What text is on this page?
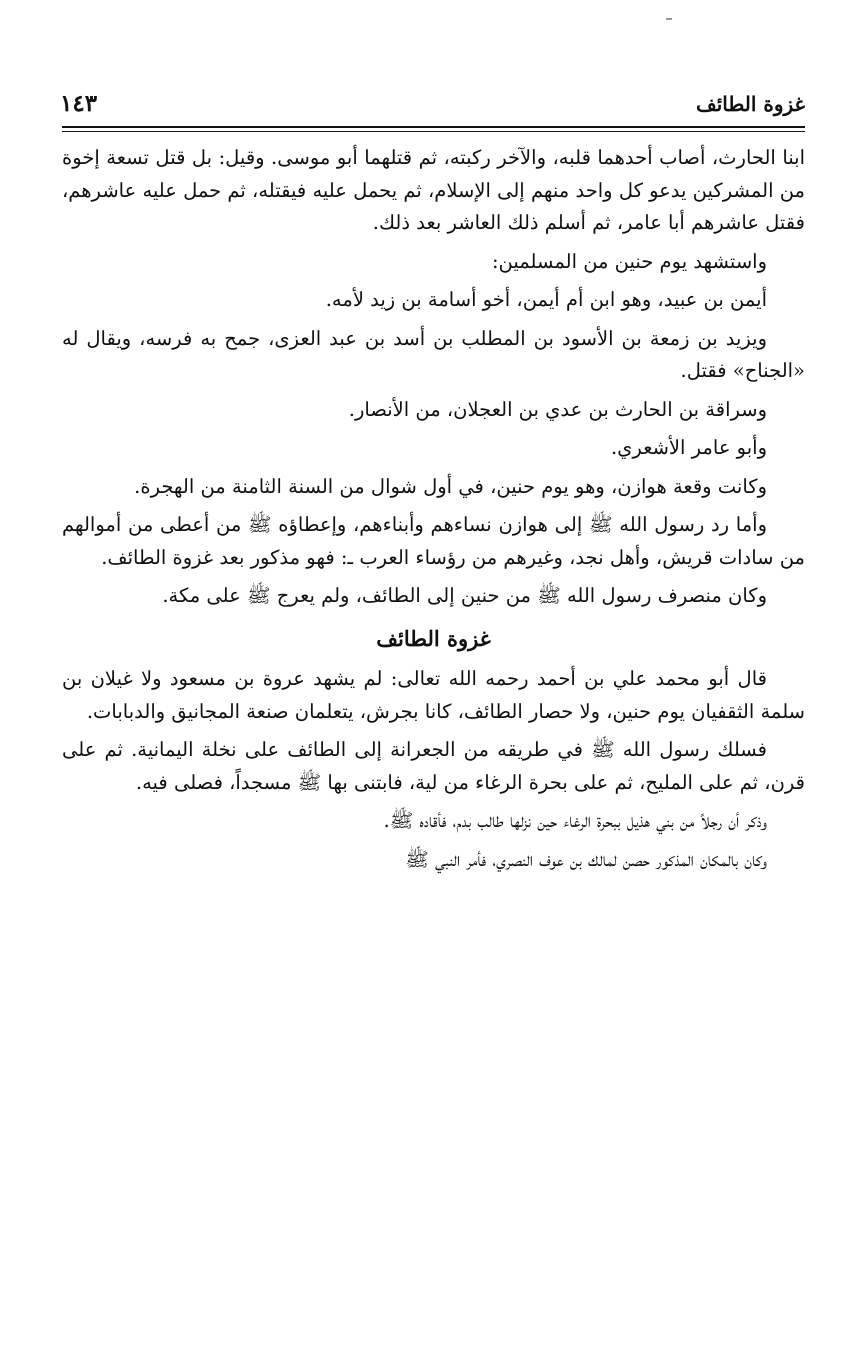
غزوة الطائف
١٤٣

ابنا الحارث، أصاب أحدهما قلبه، والآخر ركبته، ثم قتلهما أبو موسى. وقيل: بل قتل تسعة إخوة من المشركين يدعو كل واحد منهم إلى الإسلام، ثم يحمل عليه فيقتله، ثم حمل عليه عاشرهم، فقتل عاشرهم أبا عامر، ثم أسلم ذلك العاشر بعد ذلك.

واستشهد يوم حنين من المسلمين:

أيمن بن عبيد، وهو ابن أم أيمن، أخو أسامة بن زيد لأمه.

ويزيد بن زمعة بن الأسود بن المطلب بن أسد بن عبد العزى، جمح به فرسه، ويقال له «الجناح» فقتل.

وسراقة بن الحارث بن عدي بن العجلان، من الأنصار.

وأبو عامر الأشعري.

وكانت وقعة هوازن، وهو يوم حنين، في أول شوال من السنة الثامنة من الهجرة.

وأما رد رسول الله ﷺ إلى هوازن نساءهم وأبناءهم، وإعطاؤه ﷺ من أعطى من أموالهم من سادات قريش، وأهل نجد، وغيرهم من رؤساء العرب ـ: فهو مذكور بعد غزوة الطائف.

وكان منصرف رسول الله ﷺ من حنين إلى الطائف، ولم يعرج ﷺ على مكة.

غزوة الطائف

قال أبو محمد علي بن أحمد رحمه الله تعالى: لم يشهد عروة بن مسعود ولا غيلان بن سلمة الثقفيان يوم حنين، ولا حصار الطائف، كانا بجرش، يتعلمان صنعة المجانيق والدبابات.

فسلك رسول الله ﷺ في طريقه من الجعرانة إلى الطائف على نخلة اليمانية. ثم على قرن، ثم على المليح، ثم على بحرة الرغاء من لية، فابتنى بها ﷺ مسجداً، فصلى فيه.

وذكر أن رجلاً من بني هذيل ببحرة الرغاء حين نزلها طالب بدم، فأقاده ﷺ.

وكان بالمكان المذكور حصن لمالك بن عوف النصري، فأمر النبي ﷺ
